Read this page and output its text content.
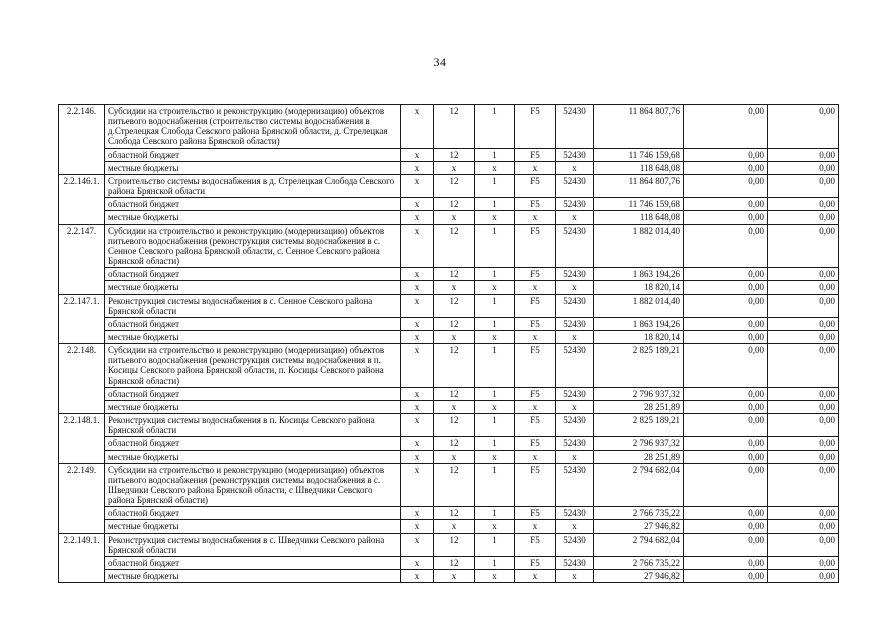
34
2.2.146.	Субсидии на строительство и реконструкцию (модернизацию) объектов питьевого водоснабжения (строительство системы водоснабжения в д.Стрелецкая Слобода Севского района Брянской области, д. Стрелецкая Слобода Севского района Брянской области)	x	12	1	F5	52430	11 864 807,76	0,00	0,00
	областной бюджет	x	12	1	F5	52430	11 746 159,68	0,00	0,00
	местные бюджеты	x	x	x	x	x	118 648,08	0,00	0,00
2.2.146.1.	Строительство системы водоснабжения в д. Стрелецкая Слобода Севского района Брянской области	x	12	1	F5	52430	11 864 807,76	0,00	0,00
	областной бюджет	x	12	1	F5	52430	11 746 159,68	0,00	0,00
	местные бюджеты	x	x	x	x	x	118 648,08	0,00	0,00
2.2.147.	Субсидии на строительство и реконструкцию (модернизацию) объектов питьевого водоснабжения (реконструкция системы водоснабжения в с. Сенное Севского района Брянской области, с. Сенное Севского района Брянской области)	x	12	1	F5	52430	1 882 014,40	0,00	0,00
	областной бюджет	x	12	1	F5	52430	1 863 194,26	0,00	0,00
	местные бюджеты	x	x	x	x	x	18 820,14	0,00	0,00
2.2.147.1.	Реконструкция системы водоснабжения в с. Сенное Севского района Брянской области	x	12	1	F5	52430	1 882 014,40	0,00	0,00
	областной бюджет	x	12	1	F5	52430	1 863 194,26	0,00	0,00
	местные бюджеты	x	x	x	x	x	18 820,14	0,00	0,00
2.2.148.	Субсидии на строительство и реконструкцию (модернизацию) объектов питьевого водоснабжения (реконструкция системы водоснабжения в п. Косицы Севского района Брянской области, п. Косицы Севского района Брянской области)	x	12	1	F5	52430	2 825 189,21	0,00	0,00
	областной бюджет	x	12	1	F5	52430	2 796 937,32	0,00	0,00
	местные бюджеты	x	x	x	x	x	28 251,89	0,00	0,00
2.2.148.1.	Реконструкция системы водоснабжения в п. Косицы Севского района Брянской области	x	12	1	F5	52430	2 825 189,21	0,00	0,00
	областной бюджет	x	12	1	F5	52430	2 796 937,32	0,00	0,00
	местные бюджеты	x	x	x	x	x	28 251,89	0,00	0,00
2.2.149.	Субсидии на строительство и реконструкцию (модернизацию) объектов питьевого водоснабжения (реконструкция системы водоснабжения в с. Шведчики Севского района Брянской области, с Шведчики Севского района Брянской области)	x	12	1	F5	52430	2 794 682,04	0,00	0,00
	областной бюджет	x	12	1	F5	52430	2 766 735,22	0,00	0,00
	местные бюджеты	x	x	x	x	x	27 946,82	0,00	0,00
2.2.149.1.	Реконструкция системы водоснабжения в с. Шведчики Севского района Брянской области	x	12	1	F5	52430	2 794 682,04	0,00	0,00
	областной бюджет	x	12	1	F5	52430	2 766 735,22	0,00	0,00
	местные бюджеты	x	x	x	x	x	27 946,82	0,00	0,00
